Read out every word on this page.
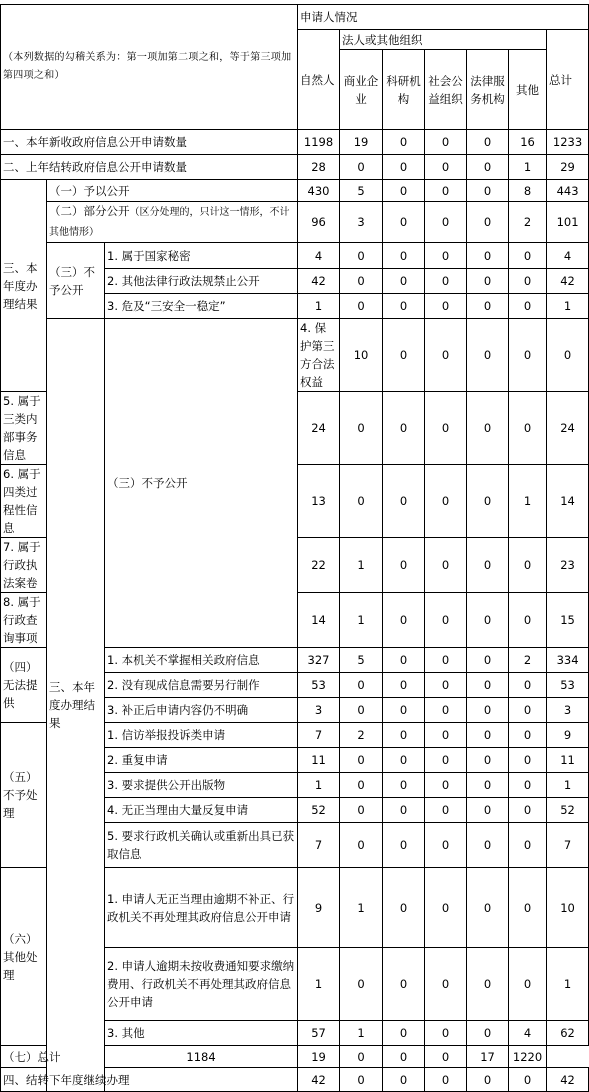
（本列数据的勾稽关系为：第一项加第二项之和，等于第三项加第四项之和）			申请人情况							
			自然人	法人或其他组织					总计	
				商业企业	科研机构	社会公益组织	法律服务机构	其他		
一、本年新收政府信息公开申请数量			1198	19	0	0	0	16	1233	
二、上年结转政府信息公开申请数量			28	0	0	0	0	1	29	
三、本年度办理结果	（一）予以公开		430	5	0	0	0	8	443	
	（二）部分公开（区分处理的，只计这一情形，不计其他情形）		96	3	0	0	0	2	101	
	（三）不予公开	1. 属于国家秘密	4	0	0	0	0	0	4	
		2. 其他法律行政法规禁止公开	42	0	0	0	0	0	42	
		3. 危及“三安全一稳定”	1	0	0	0	0	0	1	
	三、本年度办理结果	（三）不予公开	4. 保护第三方合法权益	10	0	0	0	0	0	
5. 属于三类内部事务信息			24	0	0	0	0	0	24	
6. 属于四类过程性信息			13	0	0	0	0	1	14	
7. 属于行政执法案卷			22	1	0	0	0	0	23	
8. 属于行政查询事项			14	1	0	0	0	0	15	
（四）无法提供		1. 本机关不掌握相关政府信息	327	5	0	0	0	2	334	
		2. 没有现成信息需要另行制作	53	0	0	0	0	0	53	
		3. 补正后申请内容仍不明确	3	0	0	0	0	0	3	
（五）不予处理		1. 信访举报投诉类申请	7	2	0	0	0	0	9	
		2. 重复申请	11	0	0	0	0	0	11	
		3. 要求提供公开出版物	1	0	0	0	0	0	1	
		4. 无正当理由大量反复申请	52	0	0	0	0	0	52	
		5. 要求行政机关确认或重新出具已获取信息	7	0	0	0	0	0	7	
（六）其他处理		1. 申请人无正当理由逾期不补正、行政机关不再处理其政府信息公开申请	9	1	0	0	0	0	10	
		2. 申请人逾期未按收费通知要求缴纳费用、行政机关不再处理其政府信息公开申请	1	0	0	0	0	0	1	
		3. 其他	57	1	0	0	0	4	62	
（七）总计		1184	19	0	0	0	17	1220		
四、结转下年度继续办理			42	0	0	0	0	0	42	
